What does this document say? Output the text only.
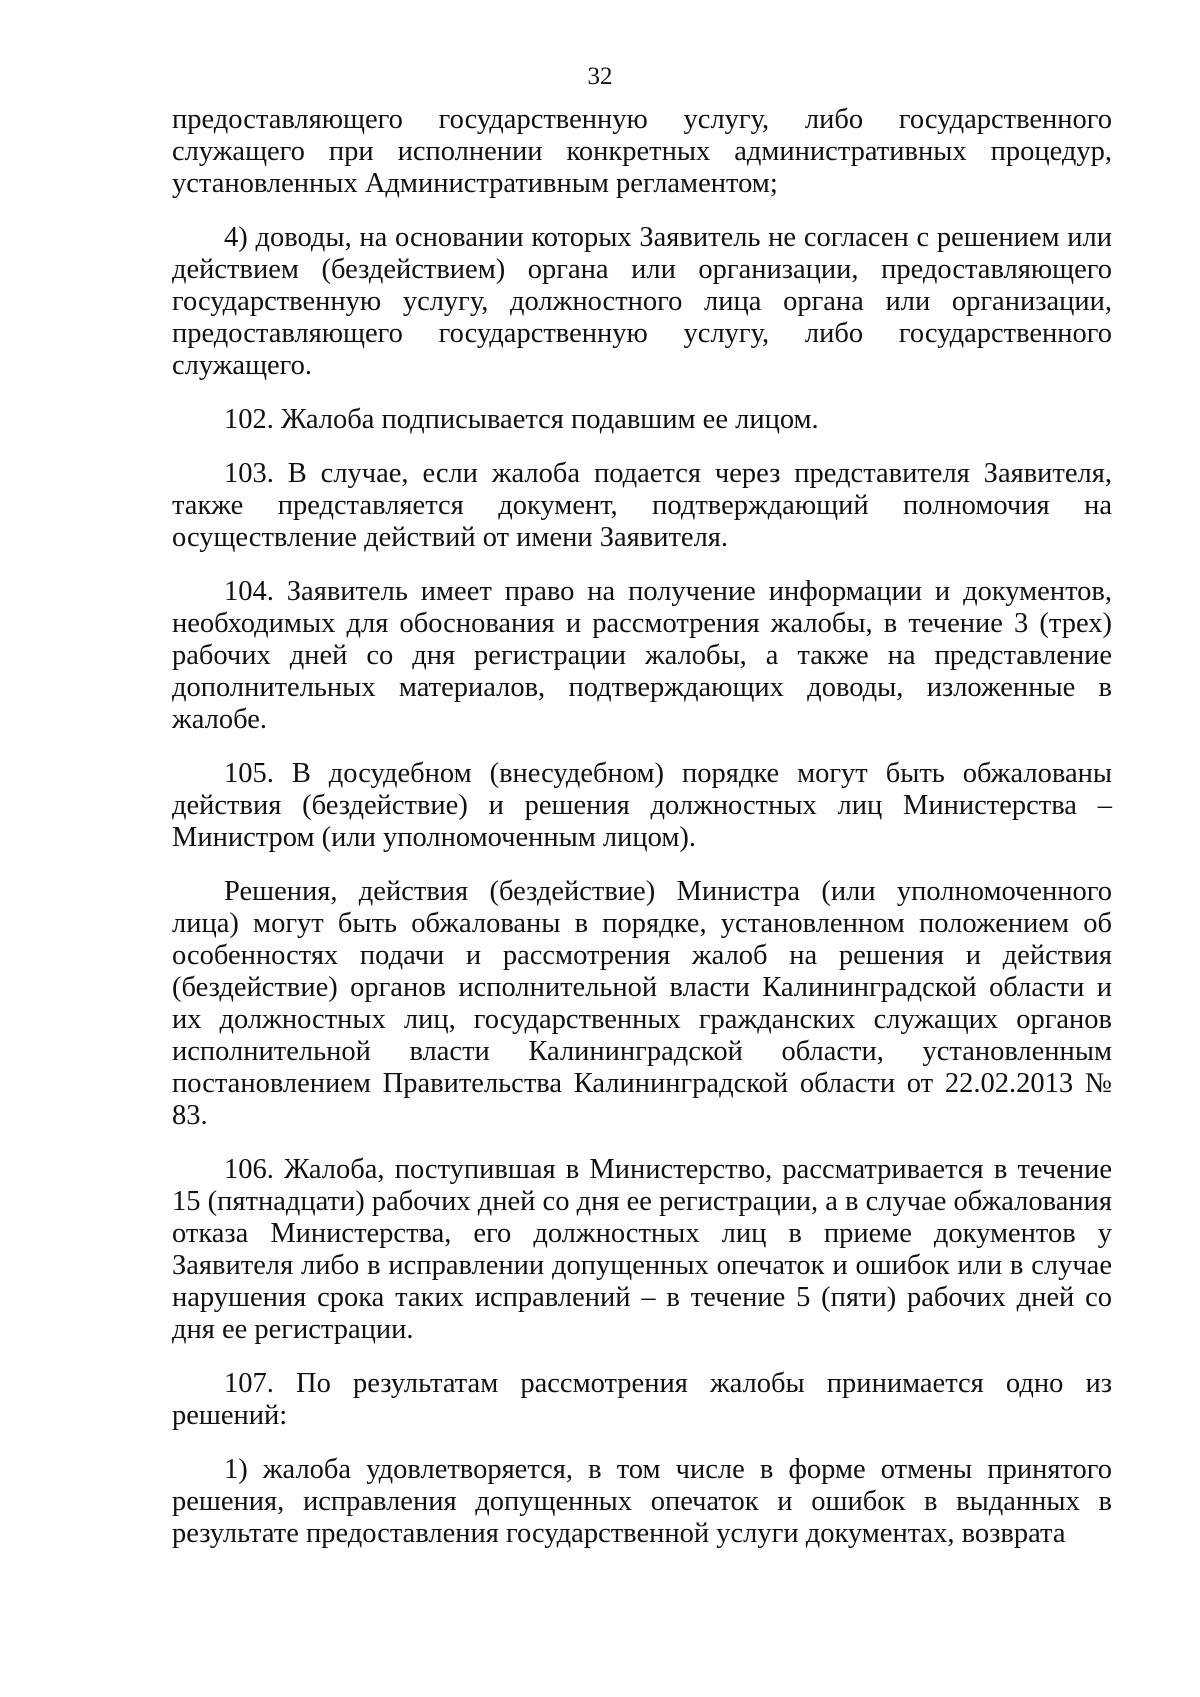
32

предоставляющего государственную услугу, либо государственного служащего при исполнении конкретных административных процедур, установленных Административным регламентом;

4) доводы, на основании которых Заявитель не согласен с решением или действием (бездействием) органа или организации, предоставляющего государственную услугу, должностного лица органа или организации, предоставляющего государственную услугу, либо государственного служащего.

102. Жалоба подписывается подавшим ее лицом.

103. В случае, если жалоба подается через представителя Заявителя, также представляется документ, подтверждающий полномочия на осуществление действий от имени Заявителя.

104. Заявитель имеет право на получение информации и документов, необходимых для обоснования и рассмотрения жалобы, в течение 3 (трех) рабочих дней со дня регистрации жалобы, а также на представление дополнительных материалов, подтверждающих доводы, изложенные в жалобе.

105. В досудебном (внесудебном) порядке могут быть обжалованы действия (бездействие) и решения должностных лиц Министерства – Министром (или уполномоченным лицом).

Решения, действия (бездействие) Министра (или уполномоченного лица) могут быть обжалованы в порядке, установленном положением об особенностях подачи и рассмотрения жалоб на решения и действия (бездействие) органов исполнительной власти Калининградской области и их должностных лиц, государственных гражданских служащих органов исполнительной власти Калининградской области, установленным постановлением Правительства Калининградской области от 22.02.2013 № 83.

106. Жалоба, поступившая в Министерство, рассматривается в течение 15 (пятнадцати) рабочих дней со дня ее регистрации, а в случае обжалования отказа Министерства, его должностных лиц в приеме документов у Заявителя либо в исправлении допущенных опечаток и ошибок или в случае нарушения срока таких исправлений – в течение 5 (пяти) рабочих дней со дня ее регистрации.

107. По результатам рассмотрения жалобы принимается одно из решений:

1) жалоба удовлетворяется, в том числе в форме отмены принятого решения, исправления допущенных опечаток и ошибок в выданных в результате предоставления государственной услуги документах, возврата
